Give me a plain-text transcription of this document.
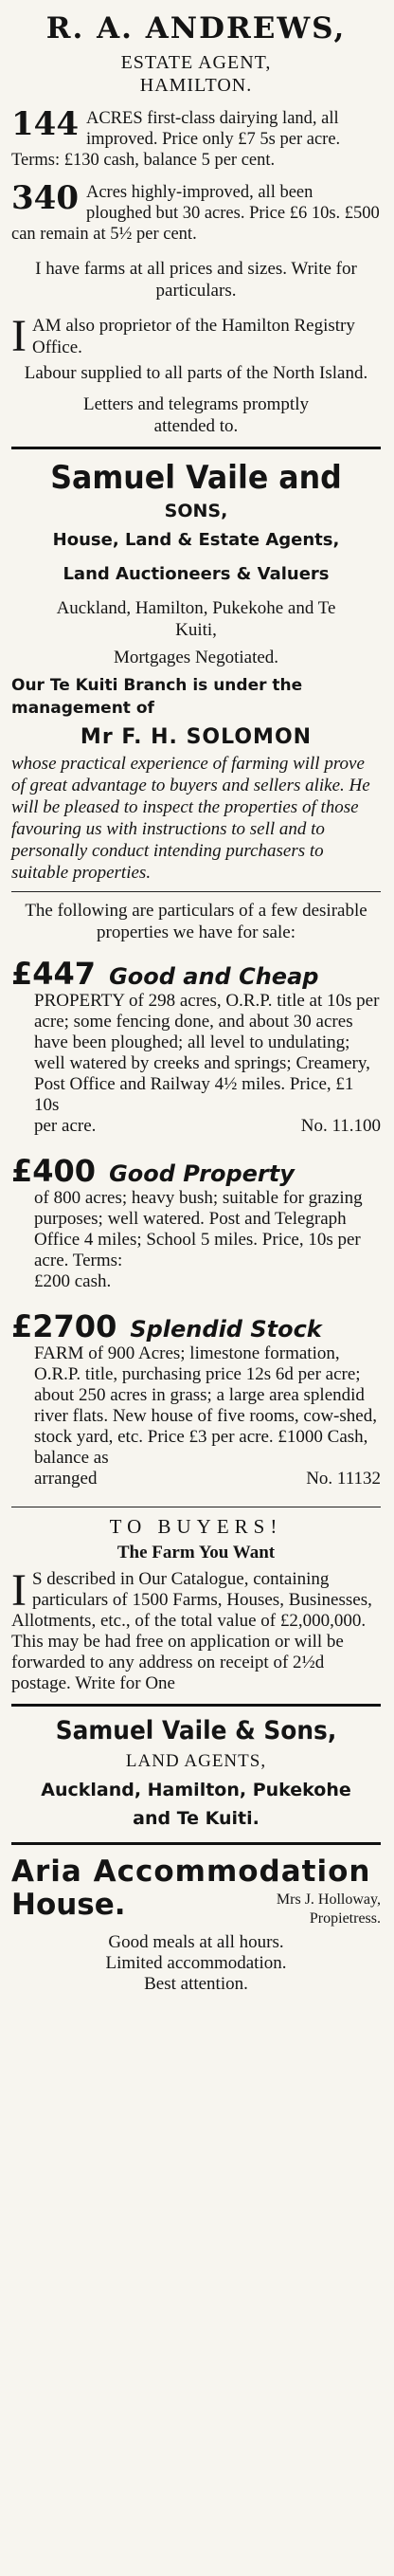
R. A. ANDREWS,
ESTATE AGENT,
HAMILTON.
144 ACRES first-class dairying land, all improved. Price only £7 5s per acre. Terms: £130 cash, balance 5 per cent.
340 Acres highly-improved, all been ploughed but 30 acres. Price £6 10s. £500 can remain at 5½ per cent.
I have farms at all prices and sizes. Write for particulars.
I AM also proprietor of the Hamilton Registry Office.
Labour supplied to all parts of the North Island.
Letters and telegrams promptly attended to.
Samuel Vaile and
SONS,
House, Land & Estate Agents,
Land Auctioneers & Valuers
Auckland, Hamilton, Pukekohe and Te Kuiti,
Mortgages Negotiated.
Our Te Kuiti Branch is under the management of
Mr F. H. SOLOMON
whose practical experience of farming will prove of great advantage to buyers and sellers alike. He will be pleased to inspect the properties of those favouring us with instructions to sell and to personally conduct intending purchasers to suitable properties.
The following are particulars of a few desirable properties we have for sale:
£447 Good and Cheap
PROPERTY of 298 acres, O.R.P. title at 10s per acre; some fencing done, and about 30 acres have been ploughed; all level to undulating; well watered by creeks and springs; Creamery, Post Office and Railway 4½ miles. Price, £1 10s
per acre.	No. 11.100
£400 Good Property
of 800 acres; heavy bush; suitable for grazing purposes; well watered. Post and Telegraph Office 4 miles; School 5 miles. Price, 10s per acre. Terms:
£200 cash.
£2700 Splendid Stock
FARM of 900 Acres; limestone formation, O.R.P. title, purchasing price 12s 6d per acre; about 250 acres in grass; a large area splendid river flats. New house of five rooms, cow-shed, stock yard, etc. Price £3 per acre. £1000 Cash, balance as
arranged	No. 11132
TO BUYERS!
The Farm You Want
I S described in Our Catalogue, containing particulars of 1500 Farms, Houses, Businesses, Allotments, etc., of the total value of £2,000,000. This may be had free on application or will be forwarded to any address on receipt of 2½d postage. Write for One
Samuel Vaile & Sons,
LAND AGENTS,
Auckland, Hamilton, Pukekohe
and Te Kuiti.
Aria Accommodation
House.	Mrs J. Holloway,
Propietress.
Good meals at all hours.
Limited accommodation.
Best attention.
